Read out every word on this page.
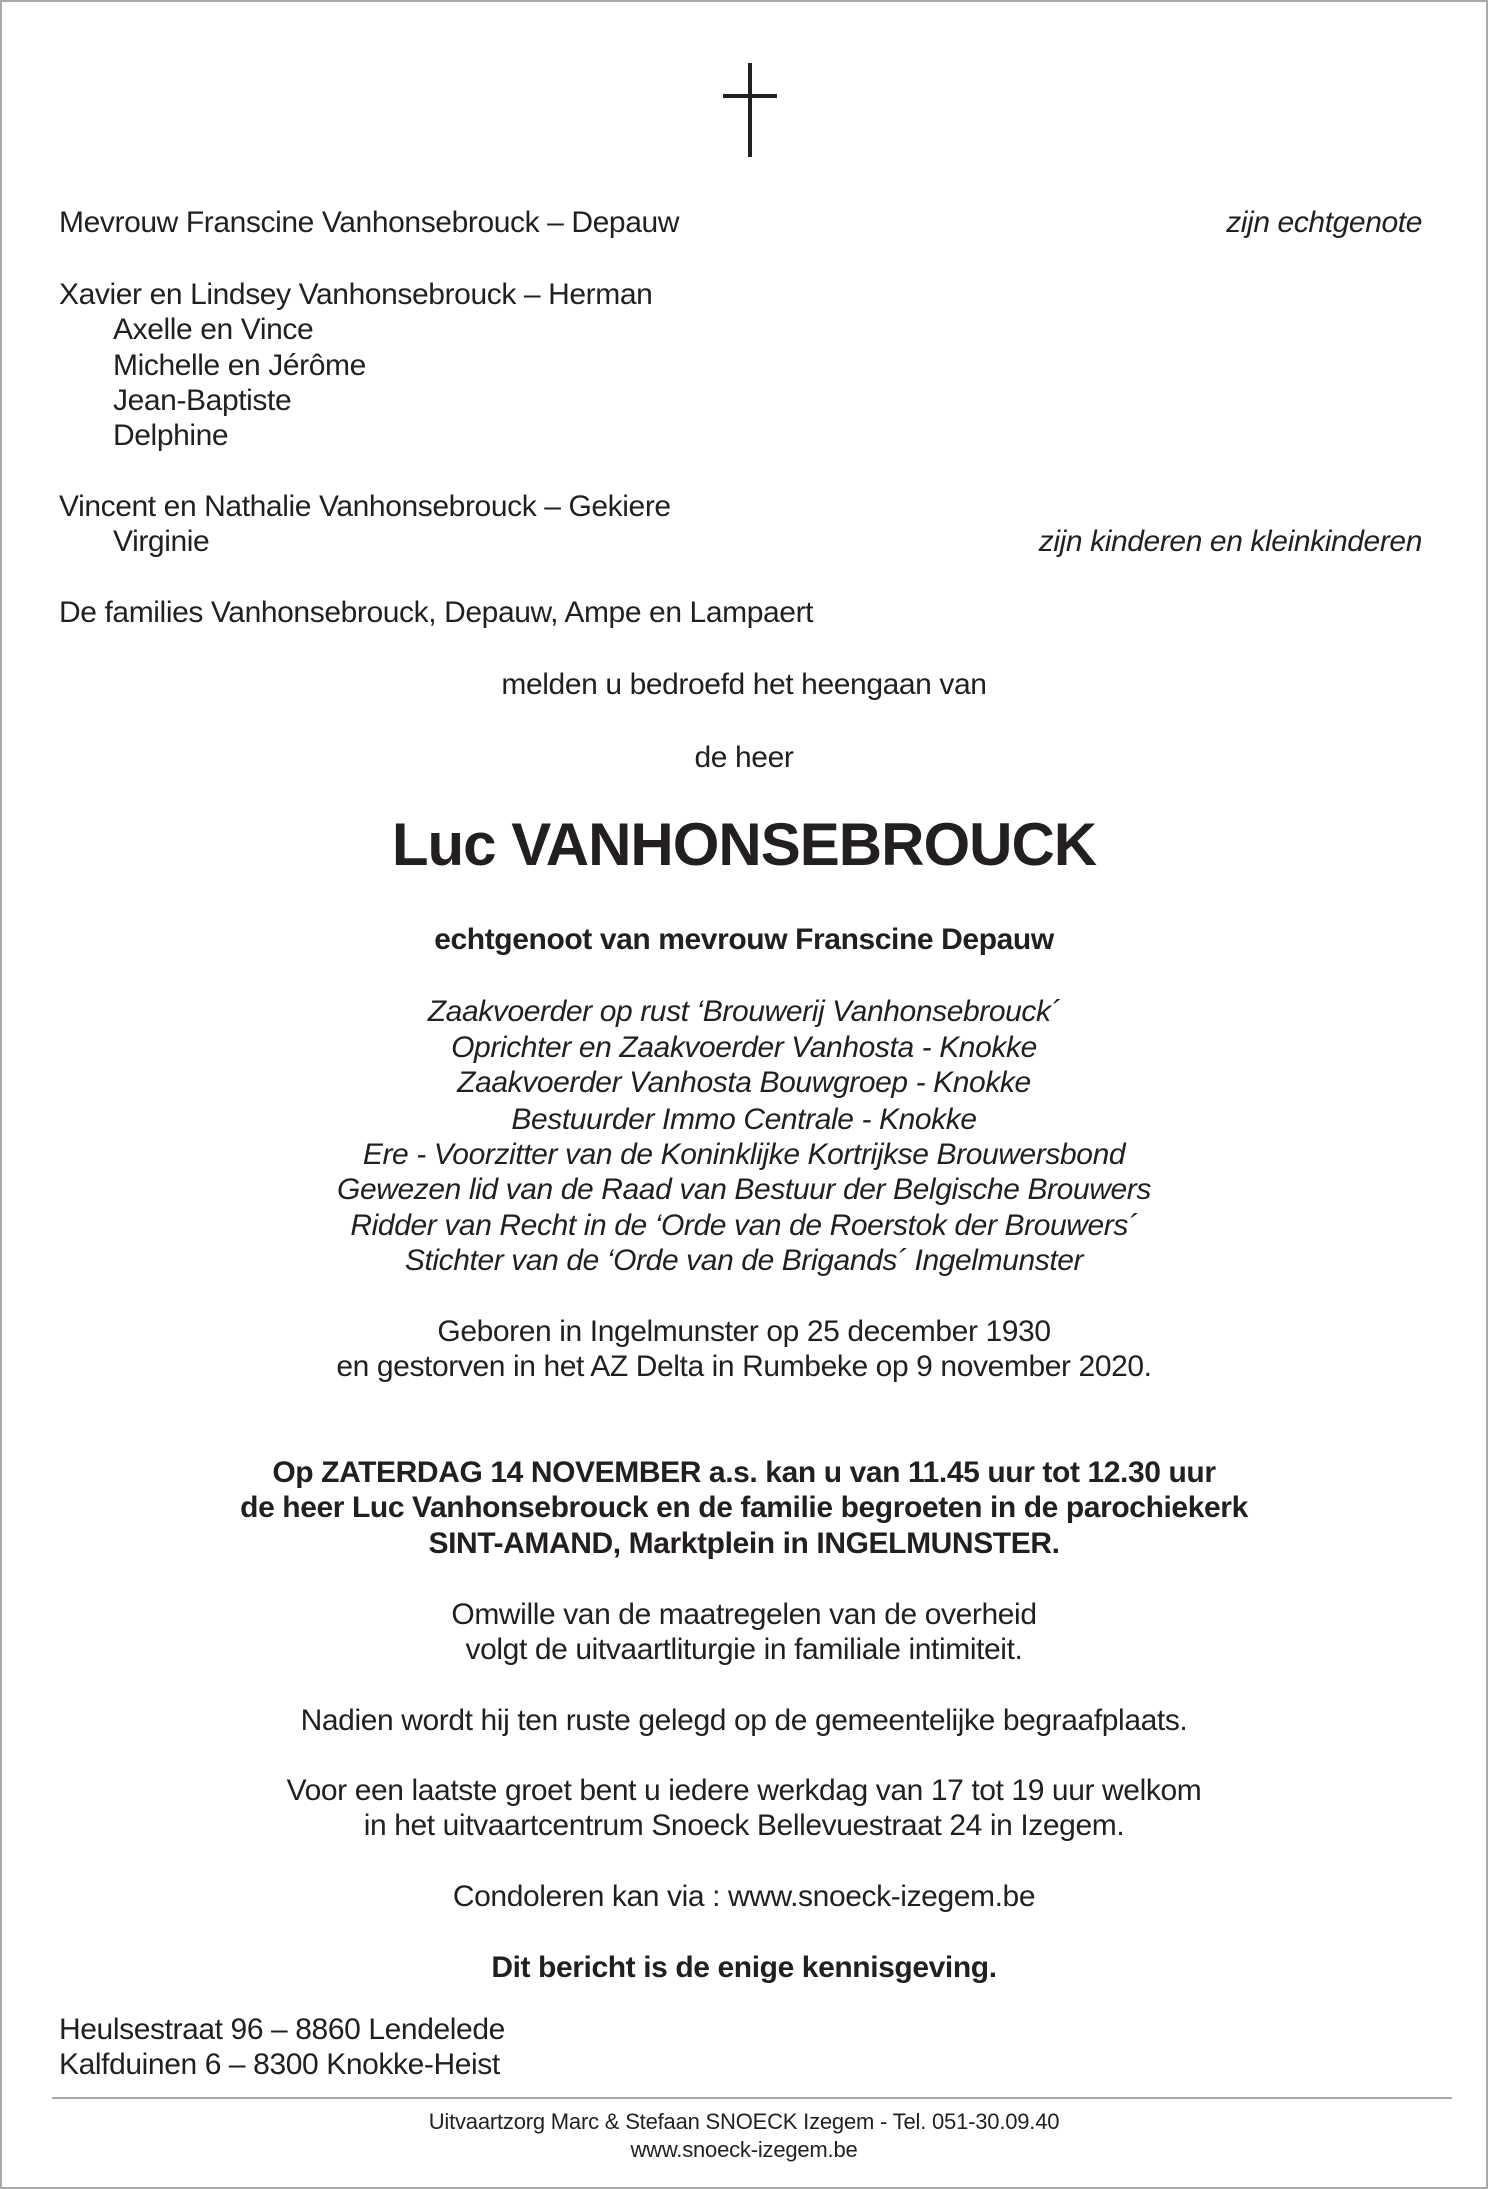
Mevrouw Franscine Vanhonsebrouck – Depauw	zijn echtgenote
Xavier en Lindsey Vanhonsebrouck – Herman
Axelle en Vince
Michelle en Jérôme
Jean-Baptiste
Delphine
Vincent en Nathalie Vanhonsebrouck – Gekiere
Virginie	zijn kinderen en kleinkinderen
De families Vanhonsebrouck, Depauw, Ampe en Lampaert
melden u bedroefd het heengaan van
de heer
Luc VANHONSEBROUCK
echtgenoot van mevrouw Franscine Depauw
Zaakvoerder op rust ‘Brouwerij Vanhonsebrouck´
Oprichter en Zaakvoerder Vanhosta - Knokke
Zaakvoerder Vanhosta Bouwgroep - Knokke
Bestuurder Immo Centrale - Knokke
Ere - Voorzitter van de Koninklijke Kortrijkse Brouwersbond
Gewezen lid van de Raad van Bestuur der Belgische Brouwers
Ridder van Recht in de ‘Orde van de Roerstok der Brouwers´
Stichter van de ‘Orde van de Brigands´ Ingelmunster
Geboren in Ingelmunster op 25 december 1930
en gestorven in het AZ Delta in Rumbeke op 9 november 2020.
Op ZATERDAG 14 NOVEMBER a.s. kan u van 11.45 uur tot 12.30 uur
de heer Luc Vanhonsebrouck en de familie begroeten in de parochiekerk
SINT-AMAND, Marktplein in INGELMUNSTER.
Omwille van de maatregelen van de overheid
volgt de uitvaartliturgie in familiale intimiteit.
Nadien wordt hij ten ruste gelegd op de gemeentelijke begraafplaats.
Voor een laatste groet bent u iedere werkdag van 17 tot 19 uur welkom
in het uitvaartcentrum Snoeck Bellevuestraat 24 in Izegem.
Condoleren kan via : www.snoeck-izegem.be
Dit bericht is de enige kennisgeving.
Heulsestraat 96 – 8860 Lendelede
Kalfduinen 6 – 8300 Knokke-Heist
Uitvaartzorg Marc & Stefaan SNOECK Izegem - Tel. 051-30.09.40
www.snoeck-izegem.be
